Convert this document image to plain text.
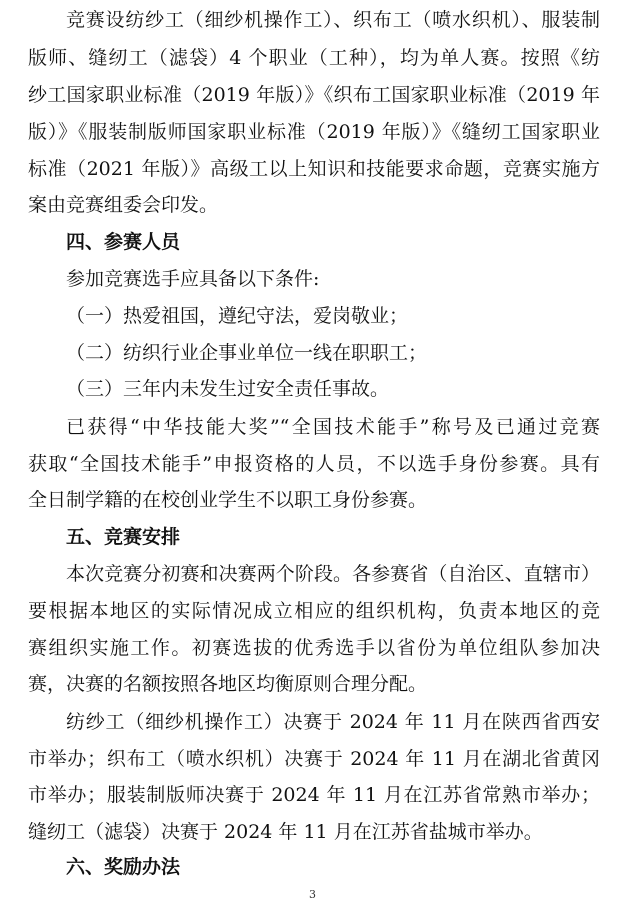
竞赛设纺纱工（细纱机操作工）、织布工（喷水织机）、服装制
版师、缝纫工（滤袋）4 个职业（工种），均为单人赛。按照《纺
纱工国家职业标准（2019 年版）》《织布工国家职业标准（2019 年
版）》《服装制版师国家职业标准（2019 年版）》《缝纫工国家职业
标准（2021 年版）》高级工以上知识和技能要求命题，竞赛实施方
案由竞赛组委会印发。
四、参赛人员
参加竞赛选手应具备以下条件:
（一）热爱祖国，遵纪守法，爱岗敬业；
（二）纺织行业企事业单位一线在职职工；
（三）三年内未发生过安全责任事故。
已获得“中华技能大奖”“全国技术能手”称号及已通过竞赛
获取“全国技术能手”申报资格的人员，不以选手身份参赛。具有
全日制学籍的在校创业学生不以职工身份参赛。
五、竞赛安排
本次竞赛分初赛和决赛两个阶段。各参赛省（自治区、直辖市）
要根据本地区的实际情况成立相应的组织机构，负责本地区的竞
赛组织实施工作。初赛选拔的优秀选手以省份为单位组队参加决
赛，决赛的名额按照各地区均衡原则合理分配。
纺纱工（细纱机操作工）决赛于 2024 年 11 月在陕西省西安
市举办；织布工（喷水织机）决赛于 2024 年 11 月在湖北省黄冈
市举办；服装制版师决赛于 2024 年 11 月在江苏省常熟市举办；
缝纫工（滤袋）决赛于 2024 年 11 月在江苏省盐城市举办。
六、奖励办法
3
